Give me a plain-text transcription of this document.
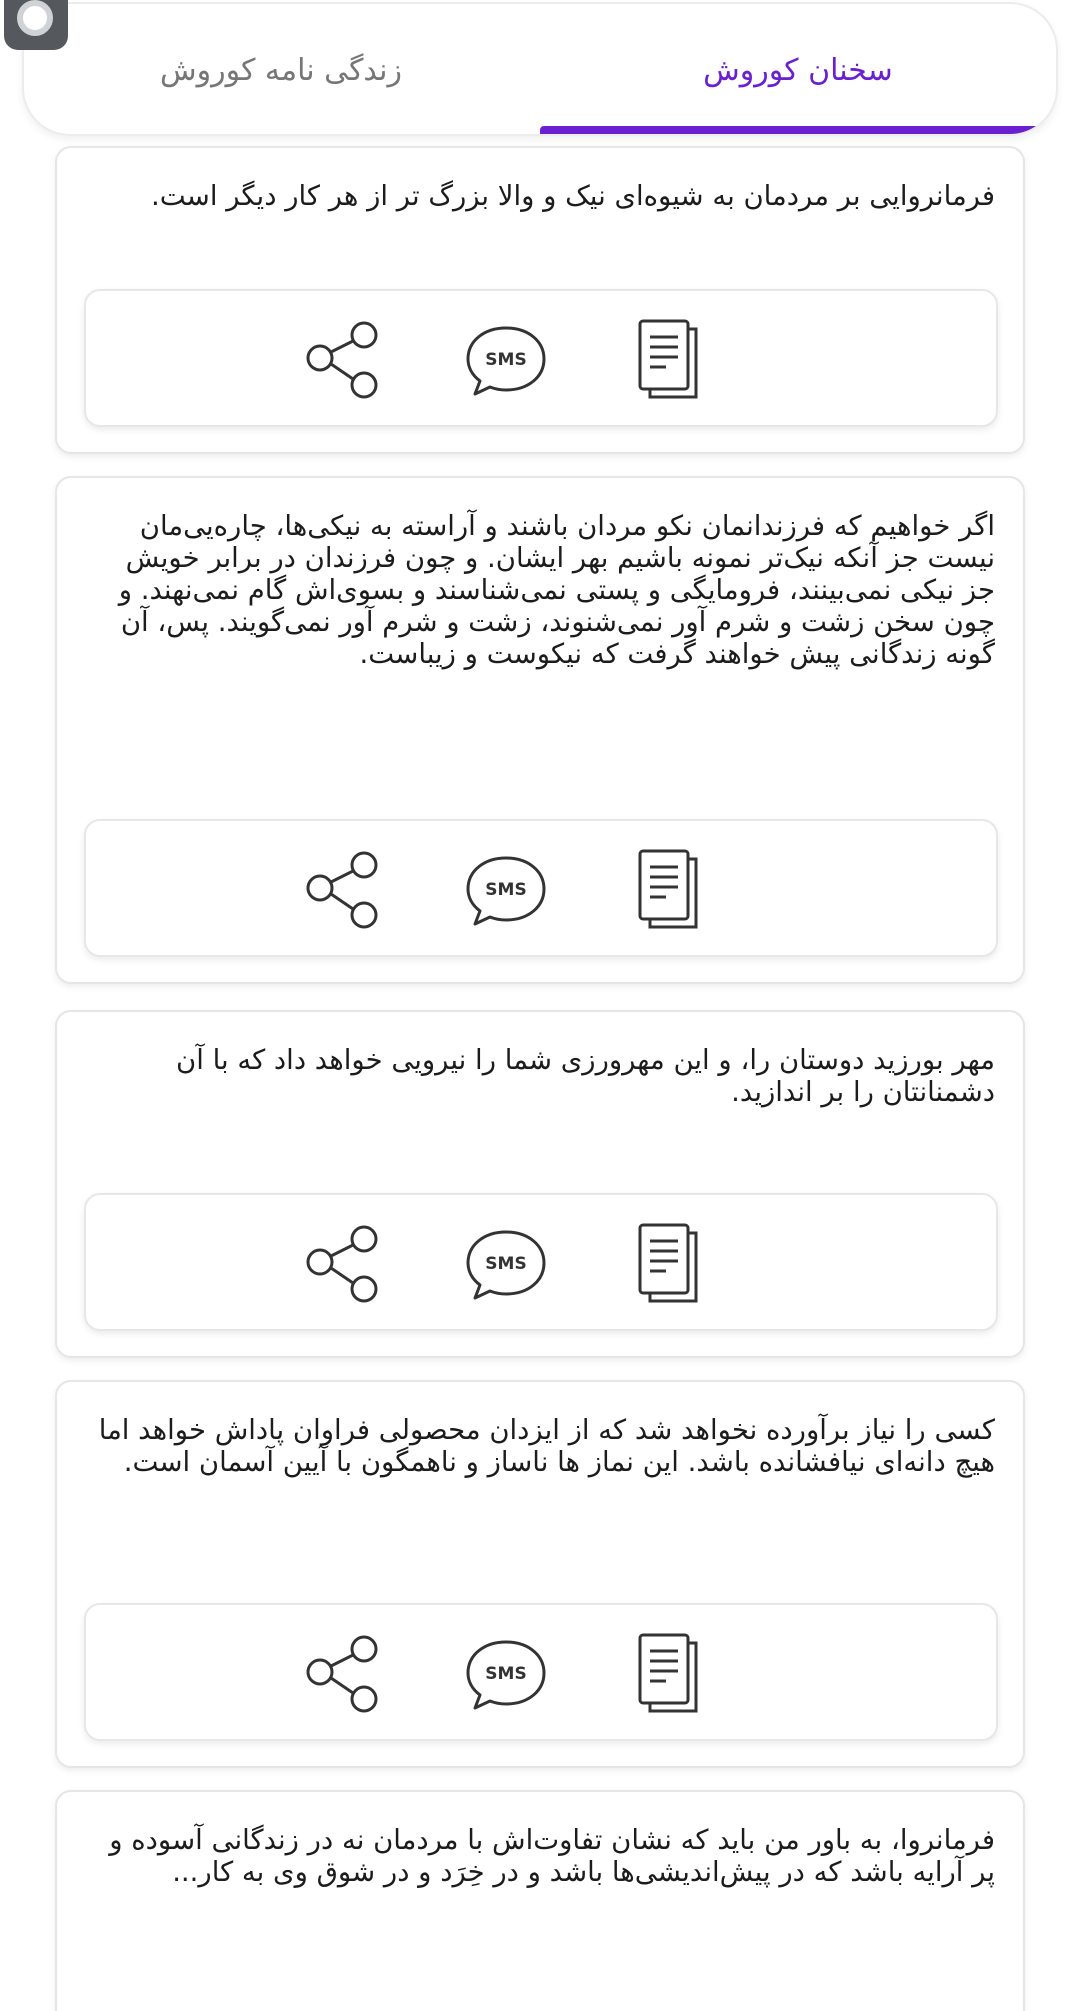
زندگی نامه کوروش	سخنان کوروش
فرمانروایی بر مردمان به شیوه‌ای نیک و والا بزرگ تر از هر کار دیگر است.
SMS
اگر خواهیم که فرزندانمان نکو مردان باشند و آراسته به نیکی‌ها، چاره‌یی‌مان نیست جز آنکه نیک‌تر نمونه باشیم بهر ایشان. و چون فرزندان در برابر خویش جز نیکی نمی‌بینند، فرومایگی و پستی نمی‌شناسند و بسوی‌اش گام نمی‌نهند. و چون سخن زشت و شرم آور نمی‌شنوند، زشت و شرم آور نمی‌گویند. پس، آن گونه زندگانی پیش خواهند گرفت که نیکوست و زیباست.
SMS
مهر بورزید دوستان را، و این مهرورزی شما را نیرویی خواهد داد که با آن دشمنانتان را بر اندازید.
SMS
کسی را نیاز برآورده نخواهد شد که از ایزدان محصولی فراوان پاداش خواهد اما هیچ دانه‌ای نیافشانده باشد. این نماز ها ناساز و ناهمگون با آیین آسمان است.
SMS
فرمانروا، به باور من باید که نشان تفاوت‌اش با مردمان نه در زندگانی آسوده و پر آرایه باشد که در پیش‌اندیشی‌ها باشد و در خِرَد و در شوق وی به کار...
